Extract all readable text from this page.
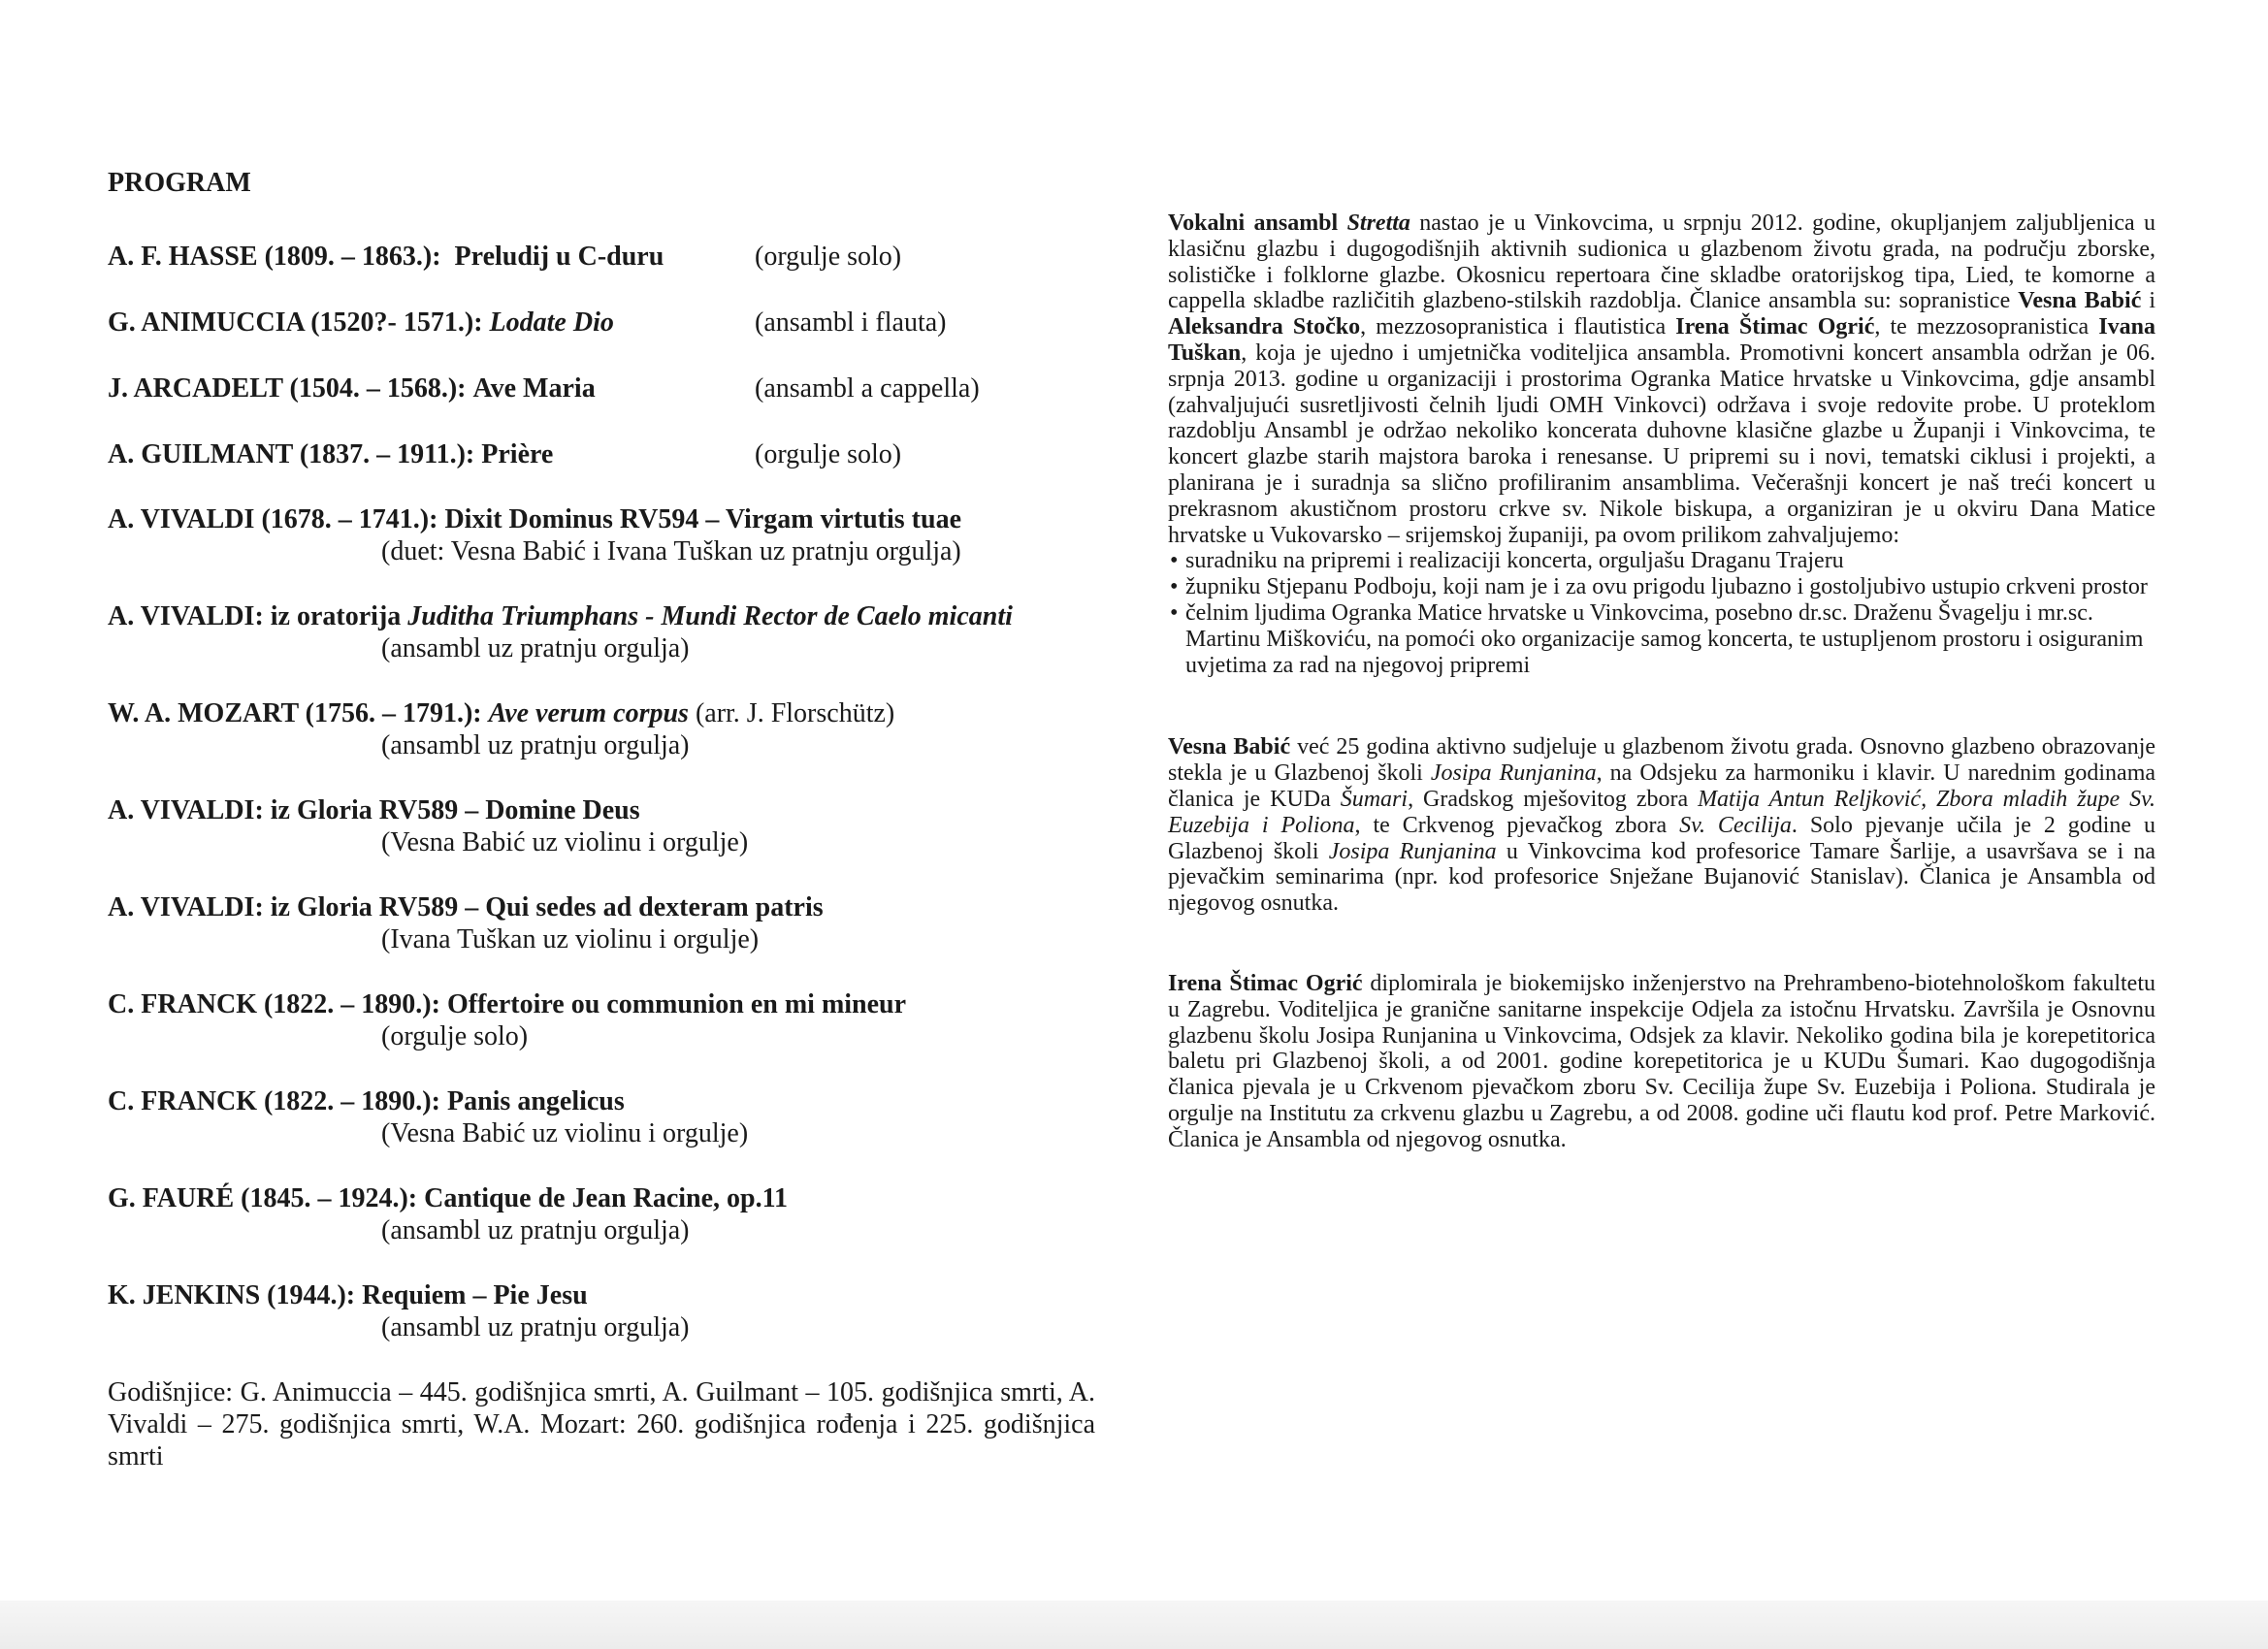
PROGRAM
A. F. HASSE (1809. – 1863.): Preludij u C-duru	(orgulje solo)
G. ANIMUCCIA (1520?- 1571.): Lodate Dio	(ansambl i flauta)
J. ARCADELT (1504. – 1568.): Ave Maria	(ansambl a cappella)
A. GUILMANT (1837. – 1911.): Prière	(orgulje solo)
A. VIVALDI (1678. – 1741.): Dixit Dominus RV594 – Virgam virtutis tuae
(duet: Vesna Babić i Ivana Tuškan uz pratnju orgulja)
A. VIVALDI: iz oratorija Juditha Triumphans - Mundi Rector de Caelo micanti
(ansambl uz pratnju orgulja)
W. A. MOZART (1756. – 1791.): Ave verum corpus (arr. J. Florschütz)
(ansambl uz pratnju orgulja)
A. VIVALDI: iz Gloria RV589 – Domine Deus
(Vesna Babić uz violinu i orgulje)
A. VIVALDI: iz Gloria RV589 – Qui sedes ad dexteram patris
(Ivana Tuškan uz violinu i orgulje)
C. FRANCK (1822. – 1890.): Offertoire ou communion en mi mineur
(orgulje solo)
C. FRANCK (1822. – 1890.): Panis angelicus
(Vesna Babić uz violinu i orgulje)
G. FAURÉ (1845. – 1924.): Cantique de Jean Racine, op.11
(ansambl uz pratnju orgulja)
K. JENKINS (1944.): Requiem – Pie Jesu
(ansambl uz pratnju orgulja)
Godišnjice: G. Animuccia – 445. godišnjica smrti, A. Guilmant – 105. godišnjica smrti, A. Vivaldi – 275. godišnjica smrti, W.A. Mozart: 260. godišnjica rođenja i 225. godišnjica smrti

Vokalni ansambl Stretta nastao je u Vinkovcima, u srpnju 2012. godine, okupljanjem zaljubljenica u klasičnu glazbu i dugogodišnjih aktivnih sudionica u glazbenom životu grada, na području zborske, solističke i folklorne glazbe. Okosnicu repertoara čine skladbe oratorijskog tipa, Lied, te komorne a cappella skladbe različitih glazbeno-stilskih razdoblja. Članice ansambla su: sopranistice Vesna Babić i Aleksandra Stočko, mezzosopranistica i flautistica Irena Štimac Ogrić, te mezzosopranistica Ivana Tuškan, koja je ujedno i umjetnička voditeljica ansambla. Promotivni koncert ansambla održan je 06. srpnja 2013. godine u organizaciji i prostorima Ogranka Matice hrvatske u Vinkovcima, gdje ansambl (zahvaljujući susretljivosti čelnih ljudi OMH Vinkovci) održava i svoje redovite probe. U proteklom razdoblju Ansambl je održao nekoliko koncerata duhovne klasične glazbe u Županji i Vinkovcima, te koncert glazbe starih majstora baroka i renesanse. U pripremi su i novi, tematski ciklusi i projekti, a planirana je i suradnja sa slično profiliranim ansamblima. Večerašnji koncert je naš treći koncert u prekrasnom akustičnom prostoru crkve sv. Nikole biskupa, a organiziran je u okviru Dana Matice hrvatske u Vukovarsko – srijemskoj županiji, pa ovom prilikom zahvaljujemo:

• suradniku na pripremi i realizaciji koncerta, orguljašu Draganu Trajeru
• župniku Stjepanu Podboju, koji nam je i za ovu prigodu ljubazno i gostoljubivo ustupio crkveni prostor
• čelnim ljudima Ogranka Matice hrvatske u Vinkovcima, posebno dr.sc. Draženu Švagelju i mr.sc. Martinu Miškoviću, na pomoći oko organizacije samog koncerta, te ustupljenom prostoru i osiguranim uvjetima za rad na njegovoj pripremi

Vesna Babić već 25 godina aktivno sudjeluje u glazbenom životu grada. Osnovno glazbeno obrazovanje stekla je u Glazbenoj školi Josipa Runjanina, na Odsjeku za harmoniku i klavir. U narednim godinama članica je KUDa Šumari, Gradskog mješovitog zbora Matija Antun Reljković, Zbora mladih župe Sv. Euzebija i Poliona, te Crkvenog pjevačkog zbora Sv. Cecilija. Solo pjevanje učila je 2 godine u Glazbenoj školi Josipa Runjanina u Vinkovcima kod profesorice Tamare Šarlije, a usavršava se i na pjevačkim seminarima (npr. kod profesorice Snježane Bujanović Stanislav). Članica je Ansambla od njegovog osnutka.

Irena Štimac Ogrić diplomirala je biokemijsko inženjerstvo na Prehrambeno-biotehnološkom fakultetu u Zagrebu. Voditeljica je granične sanitarne inspekcije Odjela za istočnu Hrvatsku. Završila je Osnovnu glazbenu školu Josipa Runjanina u Vinkovcima, Odsjek za klavir. Nekoliko godina bila je korepetitorica baletu pri Glazbenoj školi, a od 2001. godine korepetitorica je u KUDu Šumari. Kao dugogodišnja članica pjevala je u Crkvenom pjevačkom zboru Sv. Cecilija župe Sv. Euzebija i Poliona. Studirala je orgulje na Institutu za crkvenu glazbu u Zagrebu, a od 2008. godine uči flautu kod prof. Petre Marković. Članica je Ansambla od njegovog osnutka.
